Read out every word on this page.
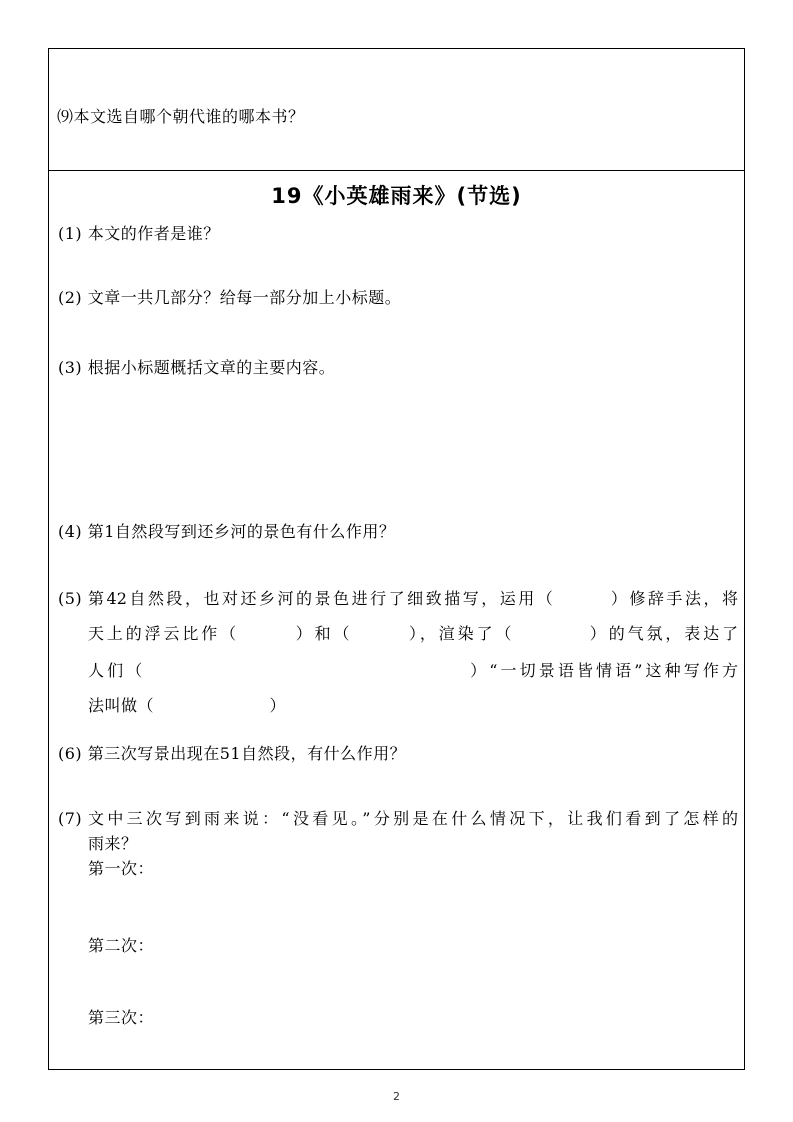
⑼本文选自哪个朝代谁的哪本书？
19《小英雄雨来》(节选)
(1) 本文的作者是谁？
(2) 文章一共几部分？给每一部分加上小标题。
(3) 根据小标题概括文章的主要内容。
(4) 第1自然段写到还乡河的景色有什么作用？
(5) 第42自然段，也对还乡河的景色进行了细致描写，运用（　　　）修辞手法，将
天上的浮云比作（　　　）和（　　　），渲染了（　　　　）的气氛，表达了
人们（　　　　　　　　　　　　　　　　　）“一切景语皆情语”这种写作方
法叫做（　　　　　　　）
(6) 第三次写景出现在51自然段，有什么作用？
(7) 文中三次写到雨来说：“没看见。”分别是在什么情况下，让我们看到了怎样的
雨来？
第一次：
第二次：
第三次：
2
